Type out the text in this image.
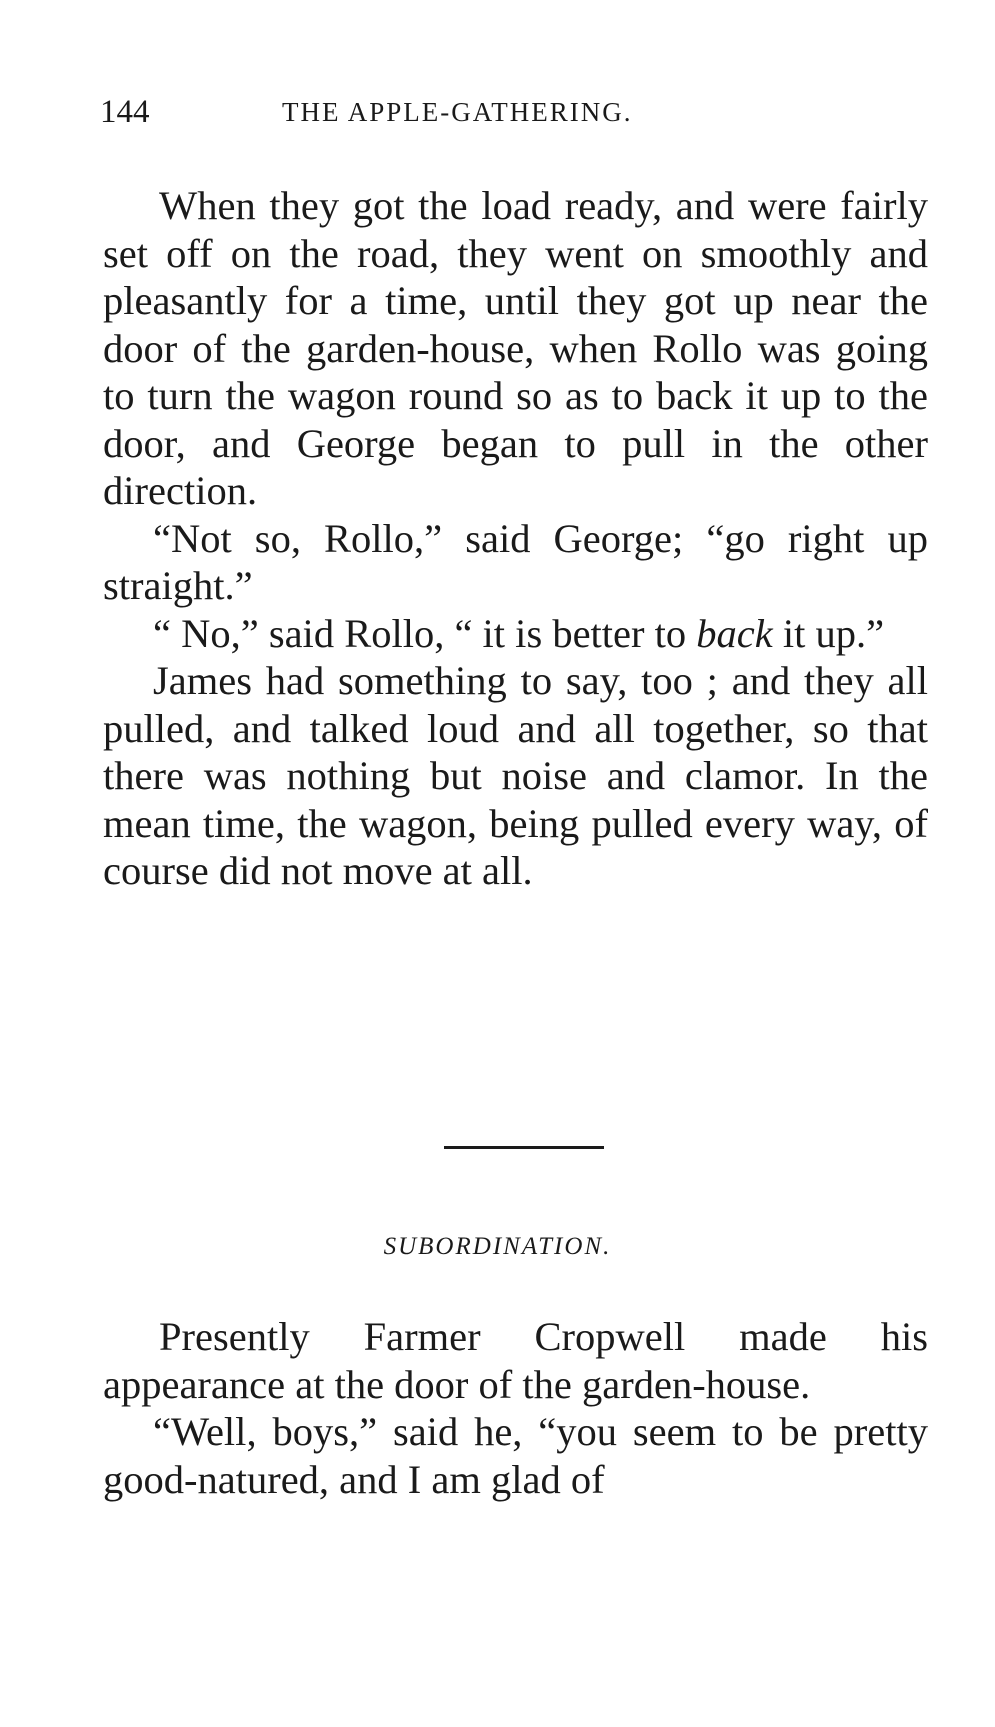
144	THE APPLE-GATHERING.

When they got the load ready, and were fairly set off on the road, they went on smoothly and pleasantly for a time, until they got up near the door of the garden-house, when Rollo was going to turn the wagon round so as to back it up to the door, and George began to pull in the other direction.

“Not so, Rollo,” said George; “go right up straight.”

“ No,” said Rollo, “ it is better to back it up.”

James had something to say, too ; and they all pulled, and talked loud and all together, so that there was nothing but noise and clamor. In the mean time, the wagon, being pulled every way, of course did not move at all.

SUBORDINATION.

Presently Farmer Cropwell made his appearance at the door of the garden-house.

“Well, boys,” said he, “you seem to be pretty good-natured, and I am glad of
